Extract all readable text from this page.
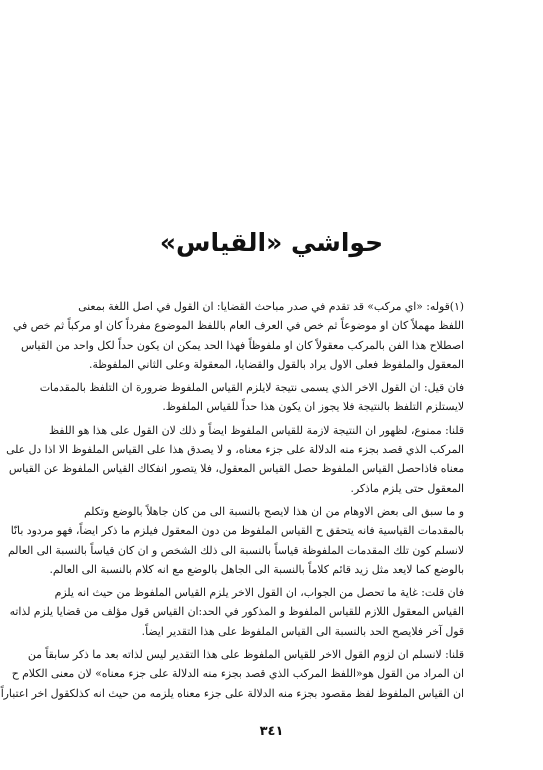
حواشي «القياس»
(١)قوله: «اي مركب» قد تقدم في صدر مباحث القضايا: ان القول في اصل اللغة بمعنى
اللفظ مهملاً كان او موضوعاً ثم خص في العرف العام باللفظ الموضوع مفرداً كان او مركباً ثم خص في
اصطلاح هذا الفن بالمركب معقولاً كان او ملفوظاً فهذا الحد يمكن ان يكون حداً لكل واحد من القياس
المعقول والملفوظ فعلى الاول يراد بالقول والقضايا، المعقولة وعلى الثاني الملفوظة.
فان قيل: ان القول الاخر الذي يسمى نتيجة لايلزم القياس الملفوظ ضرورة ان التلفظ بالمقدمات
لايستلزم التلفظ بالنتيجة فلا يجوز ان يكون هذا حداً للقياس الملفوظ.
قلنا: ممنوع، لظهور ان النتيجة لازمة للقياس الملفوظ ايضاً و ذلك لان القول على هذا هو اللفظ
المركب الذي قصد بجزء منه الدلالة على جزء معناه، و لا يصدق هذا على القياس الملفوظ الا اذا دل على
معناه فاذاحصل القياس الملفوظ حصل القياس المعقول، فلا يتصور انفكاك القياس الملفوظ عن القياس
المعقول حتى يلزم ماذكر.
و ما سبق الى بعض الاوهام من ان هذا لايصح بالنسبة الى من كان جاهلاً بالوضع وتكلم
بالمقدمات القياسية فانه يتحقق ح القياس الملفوظ من دون المعقول فيلزم ما ذكر ايضاً، فهو مردود بانّا
لانسلم كون تلك المقدمات الملفوظة قياساً بالنسبة الى ذلك الشخص و ان كان قياساً بالنسبة الى العالم
بالوضع كما لايعد مثل زيد قائم كلاماً بالنسبة الى الجاهل بالوضع مع انه كلام بالنسبة الى العالم.
فان قلت: غاية ما تحصل من الجواب، ان القول الاخر يلزم القياس الملفوظ من حيث انه يلزم
القياس المعقول اللازم للقياس الملفوظ و المذكور في الحد:ان القياس قول مؤلف من قضايا يلزم لذاته
قول آخر فلايصح الحد بالنسبة الى القياس الملفوظ على هذا التقدير ايضاً.
قلنا: لانسلم ان لزوم القول الاخر للقياس الملفوظ على هذا التقدير ليس لذاته بعد ما ذكر سابقاً من
ان المراد من القول هو«اللفظ المركب الذي قصد بجزء منه الدلالة على جزء معناه» لان معنى الكلام ح
ان القياس الملفوظ لفظ مقصود بجزء منه الدلالة على جزء معناه يلزمه من حيث انه كذلكقول اخر اعتباراً
٣٤١
